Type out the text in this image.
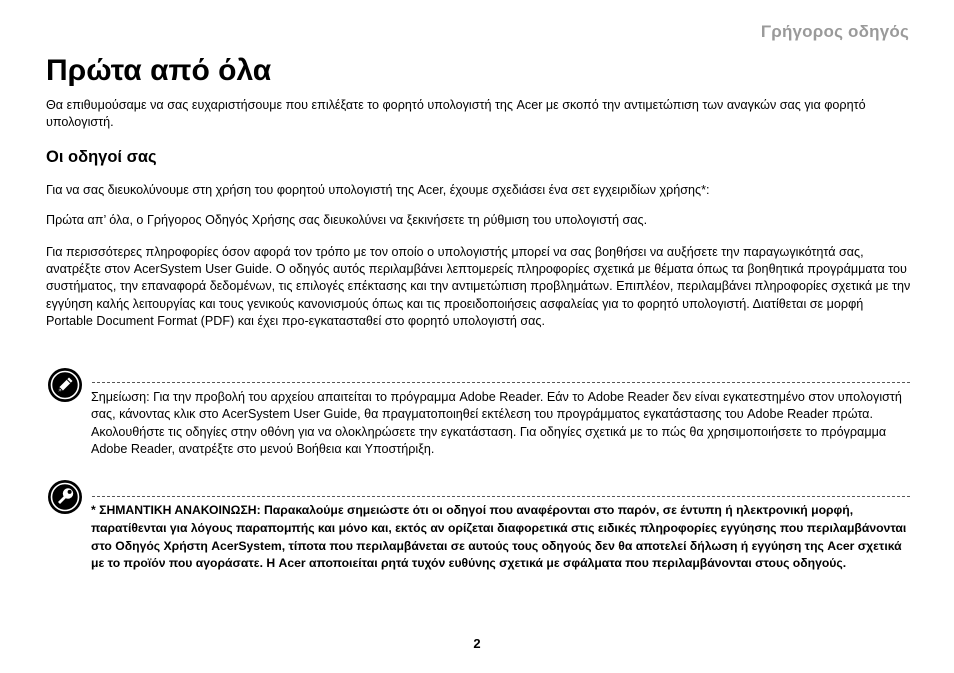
Γρήγορος οδηγός
Πρώτα από όλα

Θα επιθυμούσαμε να σας ευχαριστήσουμε που επιλέξατε το φορητό υπολογιστή της Acer με σκοπό την αντιμετώπιση των αναγκών σας για φορητό υπολογιστή.

Οι οδηγοί σας

Για να σας διευκολύνουμε στη χρήση του φορητού υπολογιστή της Acer, έχουμε σχεδιάσει ένα σετ εγχειριδίων χρήσης*:

Πρώτα απ’ όλα, ο Γρήγορος Οδηγός Χρήσης σας διευκολύνει να ξεκινήσετε τη ρύθμιση του υπολογιστή σας.

Για περισσότερες πληροφορίες όσον αφορά τον τρόπο με τον οποίο ο υπολογιστής μπορεί να σας βοηθήσει να αυξήσετε την παραγωγικότητά σας, ανατρέξτε στον AcerSystem User Guide. Ο οδηγός αυτός περιλαμβάνει λεπτομερείς πληροφορίες σχετικά με θέματα όπως τα βοηθητικά προγράμματα του συστήματος, την επαναφορά δεδομένων, τις επιλογές επέκτασης και την αντιμετώπιση προβλημάτων. Επιπλέον, περιλαμβάνει πληροφορίες σχετικά με την εγγύηση καλής λειτουργίας και τους γενικούς κανονισμούς όπως και τις προειδοποιήσεις ασφαλείας για το φορητό υπολογιστή. Διατίθεται σε μορφή Portable Document Format (PDF) και έχει προ-εγκατασταθεί στο φορητό υπολογιστή σας.

Σημείωση: Για την προβολή του αρχείου απαιτείται το πρόγραμμα Adobe Reader. Εάν το Adobe Reader δεν είναι εγκατεστημένο στον υπολογιστή σας, κάνοντας κλικ στο AcerSystem User Guide, θα πραγματοποιηθεί εκτέλεση του προγράμματος εγκατάστασης του Adobe Reader πρώτα. Ακολουθήστε τις οδηγίες στην οθόνη για να ολοκληρώσετε την εγκατάσταση. Για οδηγίες σχετικά με το πώς θα χρησιμοποιήσετε το πρόγραμμα Adobe Reader, ανατρέξτε στο μενού Βοήθεια και Υποστήριξη.

* ΣΗΜΑΝΤΙΚΗ ΑΝΑΚΟΙΝΩΣΗ: Παρακαλούμε σημειώστε ότι οι οδηγοί που αναφέρονται στο παρόν, σε έντυπη ή ηλεκτρονική μορφή, παρατίθενται για λόγους παραπομπής και μόνο και, εκτός αν ορίζεται διαφορετικά στις ειδικές πληροφορίες εγγύησης που περιλαμβάνονται στο Οδηγός Χρήστη AcerSystem, τίποτα που περιλαμβάνεται σε αυτούς τους οδηγούς δεν θα αποτελεί δήλωση ή εγγύηση της Acer σχετικά με το προϊόν που αγοράσατε. Η Acer αποποιείται ρητά τυχόν ευθύνης σχετικά με σφάλματα που περιλαμβάνονται στους οδηγούς.

2
